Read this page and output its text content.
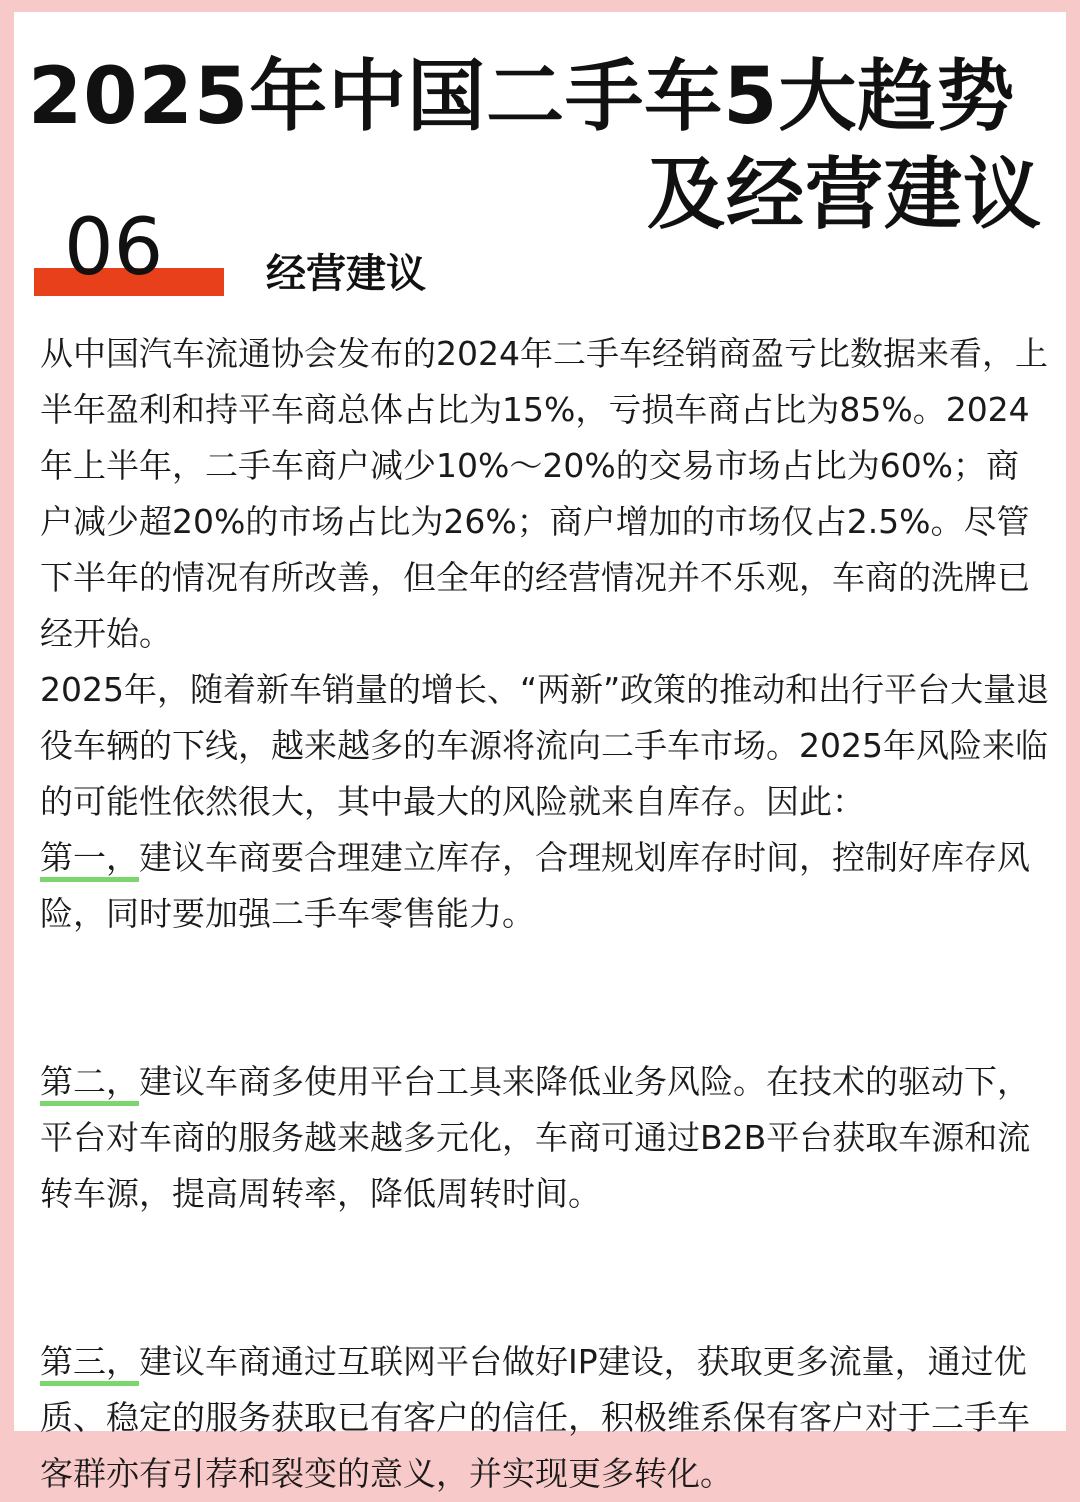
2025年中国二手车5大趋势
及经营建议
06	经营建议

从中国汽车流通协会发布的2024年二手车经销商盈亏比数据来看，上半年盈利和持平车商总体占比为15%，亏损车商占比为85%。2024年上半年，二手车商户减少10%～20%的交易市场占比为60%；商户减少超20%的市场占比为26%；商户增加的市场仅占2.5%。尽管下半年的情况有所改善，但全年的经营情况并不乐观，车商的洗牌已经开始。

2025年，随着新车销量的增长、“两新”政策的推动和出行平台大量退役车辆的下线，越来越多的车源将流向二手车市场。2025年风险来临的可能性依然很大，其中最大的风险就来自库存。因此：

第一，建议车商要合理建立库存，合理规划库存时间，控制好库存风险，同时要加强二手车零售能力。

第二，建议车商多使用平台工具来降低业务风险。在技术的驱动下，平台对车商的服务越来越多元化，车商可通过B2B平台获取车源和流转车源，提高周转率，降低周转时间。

第三，建议车商通过互联网平台做好IP建设，获取更多流量，通过优质、稳定的服务获取已有客户的信任，积极维系保有客户对于二手车客群亦有引荐和裂变的意义，并实现更多转化。
